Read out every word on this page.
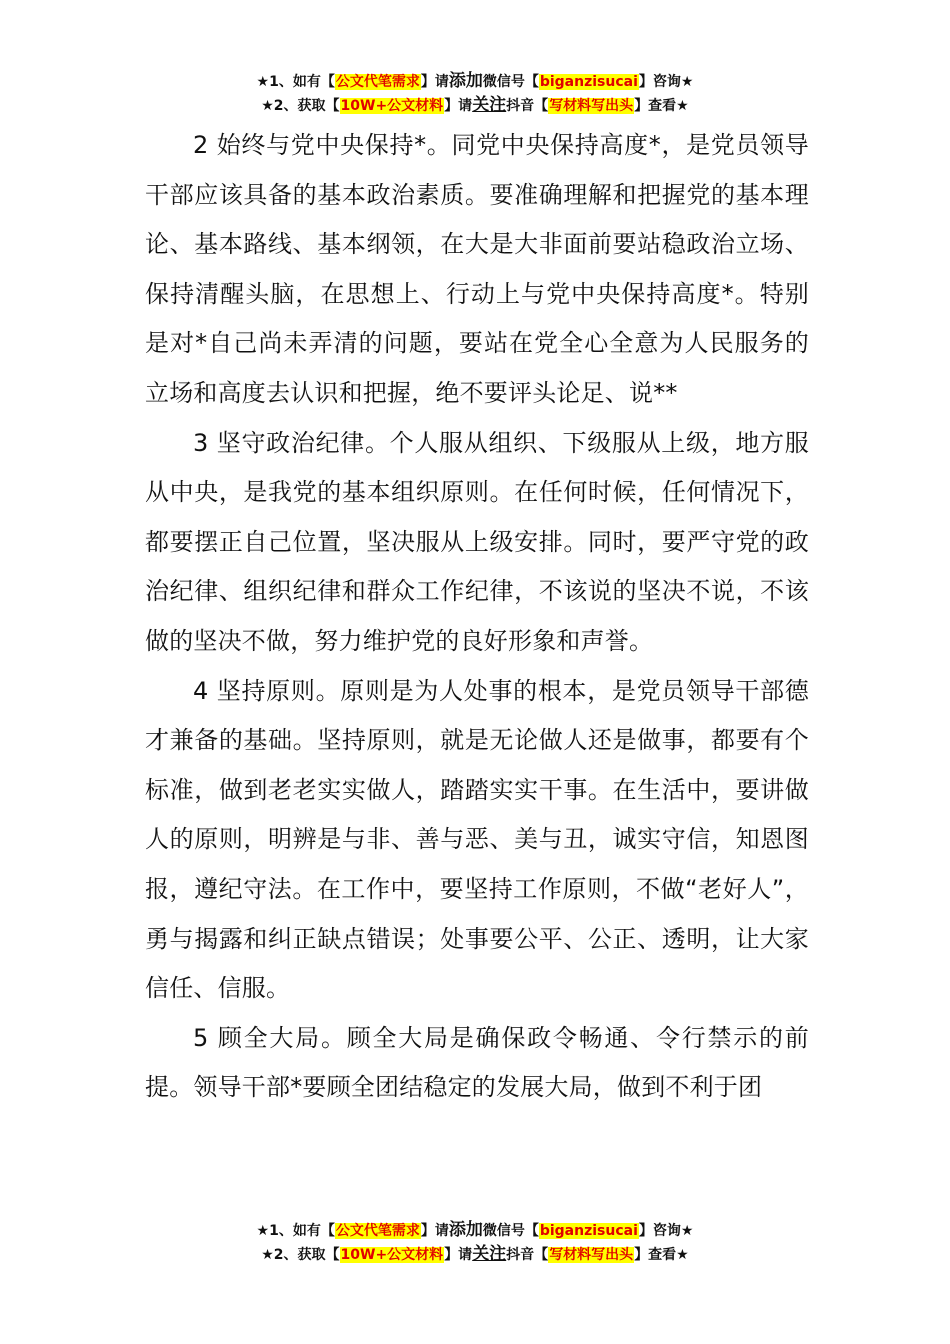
★1、如有【公文代笔需求】请添加微信号【biganzisucai】咨询★
★2、获取【10W+公文材料】请关注抖音【写材料写出头】查看★

2 始终与党中央保持*。同党中央保持高度*，是党员领导干部应该具备的基本政治素质。要准确理解和把握党的基本理论、基本路线、基本纲领，在大是大非面前要站稳政治立场、保持清醒头脑，在思想上、行动上与党中央保持高度*。特别是对*自己尚未弄清的问题，要站在党全心全意为人民服务的立场和高度去认识和把握，绝不要评头论足、说**

3 坚守政治纪律。个人服从组织、下级服从上级，地方服从中央，是我党的基本组织原则。在任何时候，任何情况下，都要摆正自己位置，坚决服从上级安排。同时，要严守党的政治纪律、组织纪律和群众工作纪律，不该说的坚决不说，不该做的坚决不做，努力维护党的良好形象和声誉。

4 坚持原则。原则是为人处事的根本，是党员领导干部德才兼备的基础。坚持原则，就是无论做人还是做事，都要有个标准，做到老老实实做人，踏踏实实干事。在生活中，要讲做人的原则，明辨是与非、善与恶、美与丑，诚实守信，知恩图报，遵纪守法。在工作中，要坚持工作原则，不做“老好人”，勇与揭露和纠正缺点错误；处事要公平、公正、透明，让大家信任、信服。

5 顾全大局。顾全大局是确保政令畅通、令行禁示的前提。领导干部*要顾全团结稳定的发展大局，做到不利于团

★1、如有【公文代笔需求】请添加微信号【biganzisucai】咨询★
★2、获取【10W+公文材料】请关注抖音【写材料写出头】查看★
